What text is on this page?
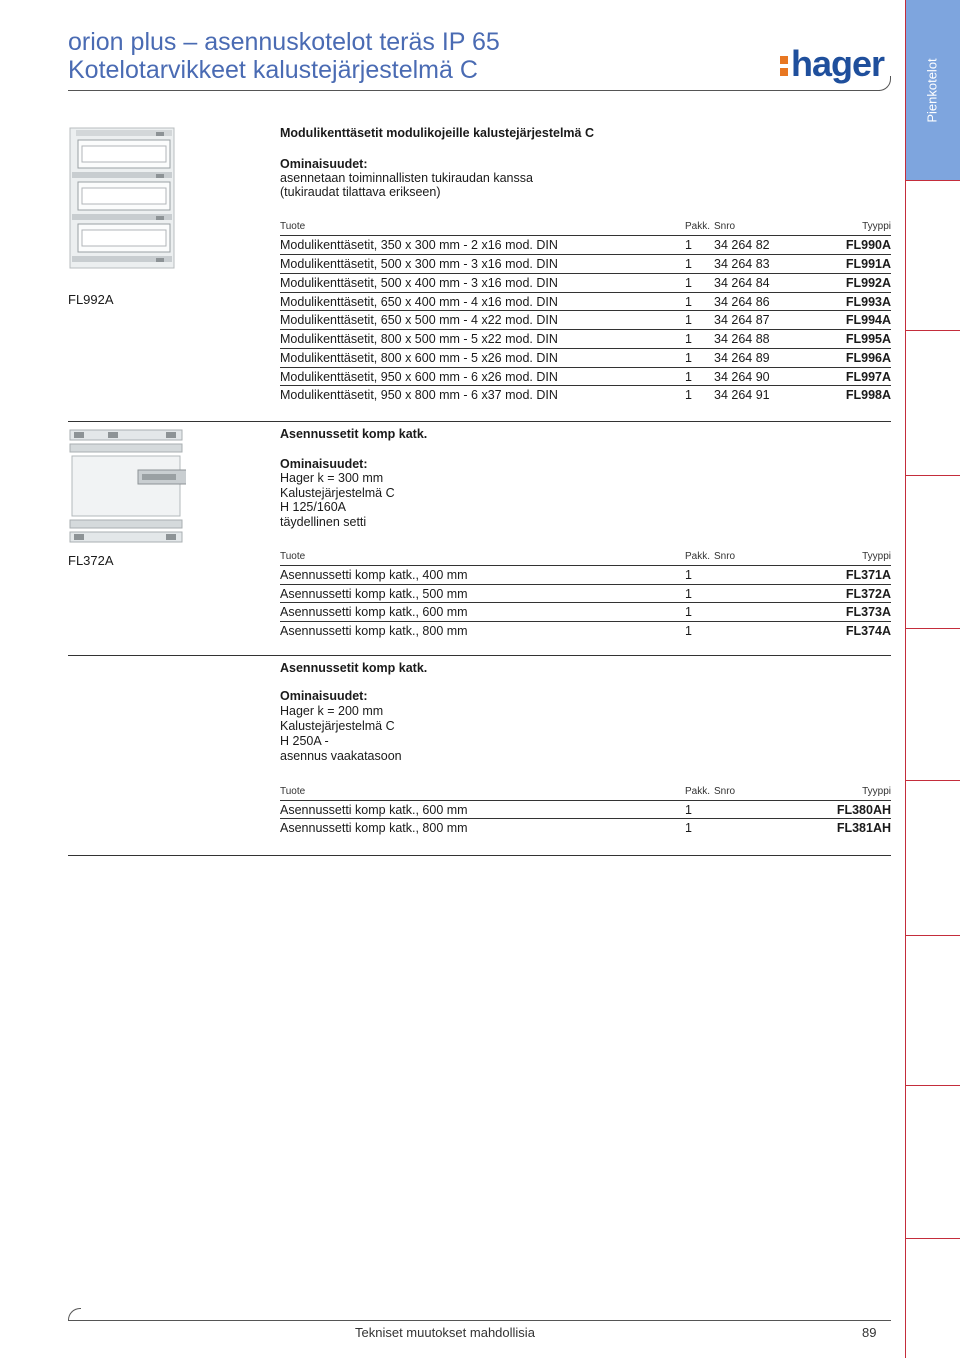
orion plus – asennuskotelot teräs IP 65
Kotelotarvikkeet kalustejärjestelmä C	hager	Pienkotelot
FL992A
Modulikenttäsetit modulikojeille kalustejärjestelmä C
Ominaisuudet:
asennetaan toiminnallisten tukiraudan kanssa
(tukiraudat tilattava erikseen)
Tuote	Pakk. Snro	Tyyppi
Modulikenttäsetit, 350 x 300 mm - 2 x16 mod. DIN	1 34 264 82	FL990A
Modulikenttäsetit, 500 x 300 mm - 3 x16 mod. DIN	1 34 264 83	FL991A
Modulikenttäsetit, 500 x 400 mm - 3 x16 mod. DIN	1 34 264 84	FL992A
Modulikenttäsetit, 650 x 400 mm - 4 x16 mod. DIN	1 34 264 86	FL993A
Modulikenttäsetit, 650 x 500 mm - 4 x22 mod. DIN	1 34 264 87	FL994A
Modulikenttäsetit, 800 x 500 mm - 5 x22 mod. DIN	1 34 264 88	FL995A
Modulikenttäsetit, 800 x 600 mm - 5 x26 mod. DIN	1 34 264 89	FL996A
Modulikenttäsetit, 950 x 600 mm - 6 x26 mod. DIN	1 34 264 90	FL997A
Modulikenttäsetit, 950 x 800 mm - 6 x37 mod. DIN	1 34 264 91	FL998A
FL372A
Asennussetit komp katk.
Ominaisuudet:
Hager k = 300 mm
Kalustejärjestelmä C
H 125/160A
täydellinen setti
Tuote	Pakk. Snro	Tyyppi
Asennussetti komp katk., 400 mm	1	FL371A
Asennussetti komp katk., 500 mm	1	FL372A
Asennussetti komp katk., 600 mm	1	FL373A
Asennussetti komp katk., 800 mm	1	FL374A
Asennussetit komp katk.
Ominaisuudet:
Hager k = 200 mm
Kalustejärjestelmä C
H 250A -
asennus vaakatasoon
Tuote	Pakk. Snro	Tyyppi
Asennussetti komp katk., 600 mm	1	FL380AH
Asennussetti komp katk., 800 mm	1	FL381AH
Tekniset muutokset mahdollisia	89
